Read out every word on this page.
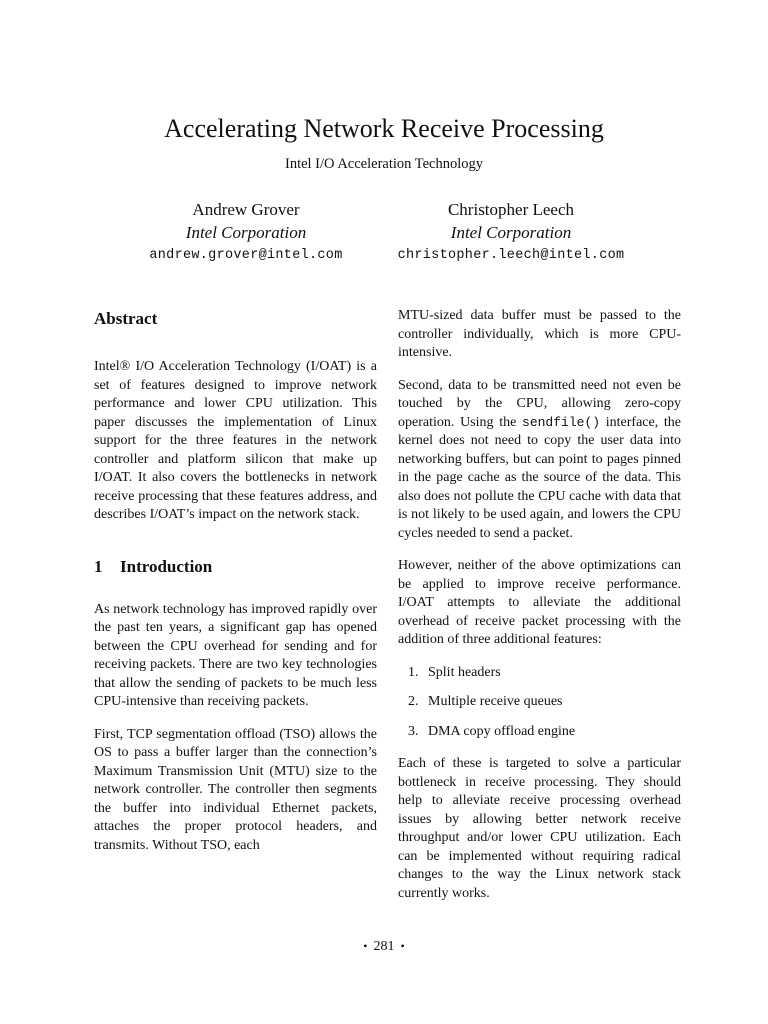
Accelerating Network Receive Processing
Intel I/O Acceleration Technology
Andrew Grover
Intel Corporation
andrew.grover@intel.com
Christopher Leech
Intel Corporation
christopher.leech@intel.com
Abstract

Intel® I/O Acceleration Technology (I/OAT) is a set of features designed to improve network performance and lower CPU utilization. This paper discusses the implementation of Linux support for the three features in the network controller and platform silicon that make up I/OAT. It also covers the bottlenecks in network receive processing that these features address, and describes I/OAT’s impact on the network stack.

1 Introduction

As network technology has improved rapidly over the past ten years, a significant gap has opened between the CPU overhead for sending and for receiving packets. There are two key technologies that allow the sending of packets to be much less CPU-intensive than receiving packets.

First, TCP segmentation offload (TSO) allows the OS to pass a buffer larger than the connection’s Maximum Transmission Unit (MTU) size to the network controller. The controller then segments the buffer into individual Ethernet packets, attaches the proper protocol headers, and transmits. Without TSO, each

MTU-sized data buffer must be passed to the controller individually, which is more CPU-intensive.

Second, data to be transmitted need not even be touched by the CPU, allowing zero-copy operation. Using the sendfile() interface, the kernel does not need to copy the user data into networking buffers, but can point to pages pinned in the page cache as the source of the data. This also does not pollute the CPU cache with data that is not likely to be used again, and lowers the CPU cycles needed to send a packet.

However, neither of the above optimizations can be applied to improve receive performance. I/OAT attempts to alleviate the additional overhead of receive packet processing with the addition of three additional features:

1. Split headers
2. Multiple receive queues
3. DMA copy offload engine

Each of these is targeted to solve a particular bottleneck in receive processing. They should help to alleviate receive processing overhead issues by allowing better network receive throughput and/or lower CPU utilization. Each can be implemented without requiring radical changes to the way the Linux network stack currently works.

• 281 •
